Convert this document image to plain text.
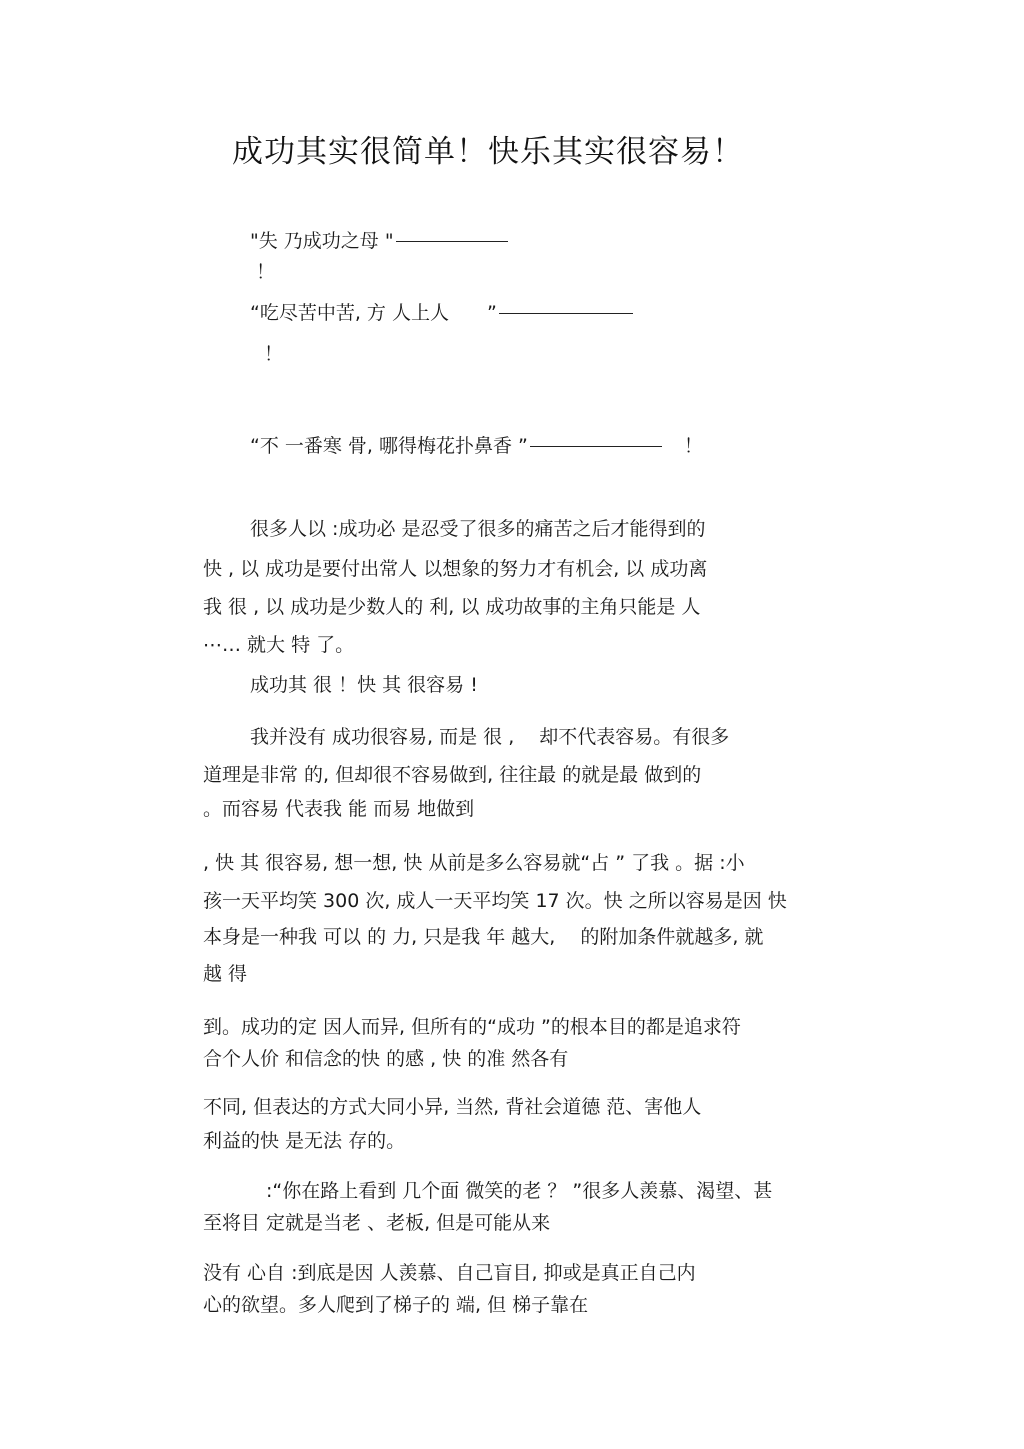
成功其实很简单！快乐其实很容易！
"失 乃成功之母 "
！
“吃尽苦中苦, 方 人上人　　”
！
“不 一番寒 骨, 哪得梅花扑鼻香 ”	！
很多人以 :成功必 是忍受了很多的痛苦之后才能得到的
快 , 以 成功是要付出常人 以想象的努力才有机会, 以 成功离
我 很 , 以 成功是少数人的 利, 以 成功故事的主角只能是 人
⋯… 就大 特 了。
成功其 很 ！快 其 很容易 !
我并没有 成功很容易, 而是 很 ,　 却不代表容易。有很多
道理是非常 的, 但却很不容易做到, 往往最 的就是最 做到的
。而容易 代表我 能 而易 地做到
, 快 其 很容易, 想一想, 快 从前是多么容易就“占 ” 了我 。据 :小
孩一天平均笑 300 次, 成人一天平均笑 17 次。快 之所以容易是因 快
本身是一种我 可以 的 力, 只是我 年 越大,　 的附加条件就越多, 就
越 得
到。成功的定 因人而异, 但所有的“成功 ”的根本目的都是追求符
合个人价 和信念的快 的感 , 快 的准 然各有
不同, 但表达的方式大同小异, 当然, 背社会道德 范、害他人
利益的快 是无法 存的。
:“你在路上看到 几个面 微笑的老 ？ ”很多人羡慕、渴望、甚
至将目 定就是当老 、老板, 但是可能从来
没有 心自 :到底是因 人羡慕、自己盲目, 抑或是真正自己内
心的欲望。多人爬到了梯子的 端, 但 梯子靠在
